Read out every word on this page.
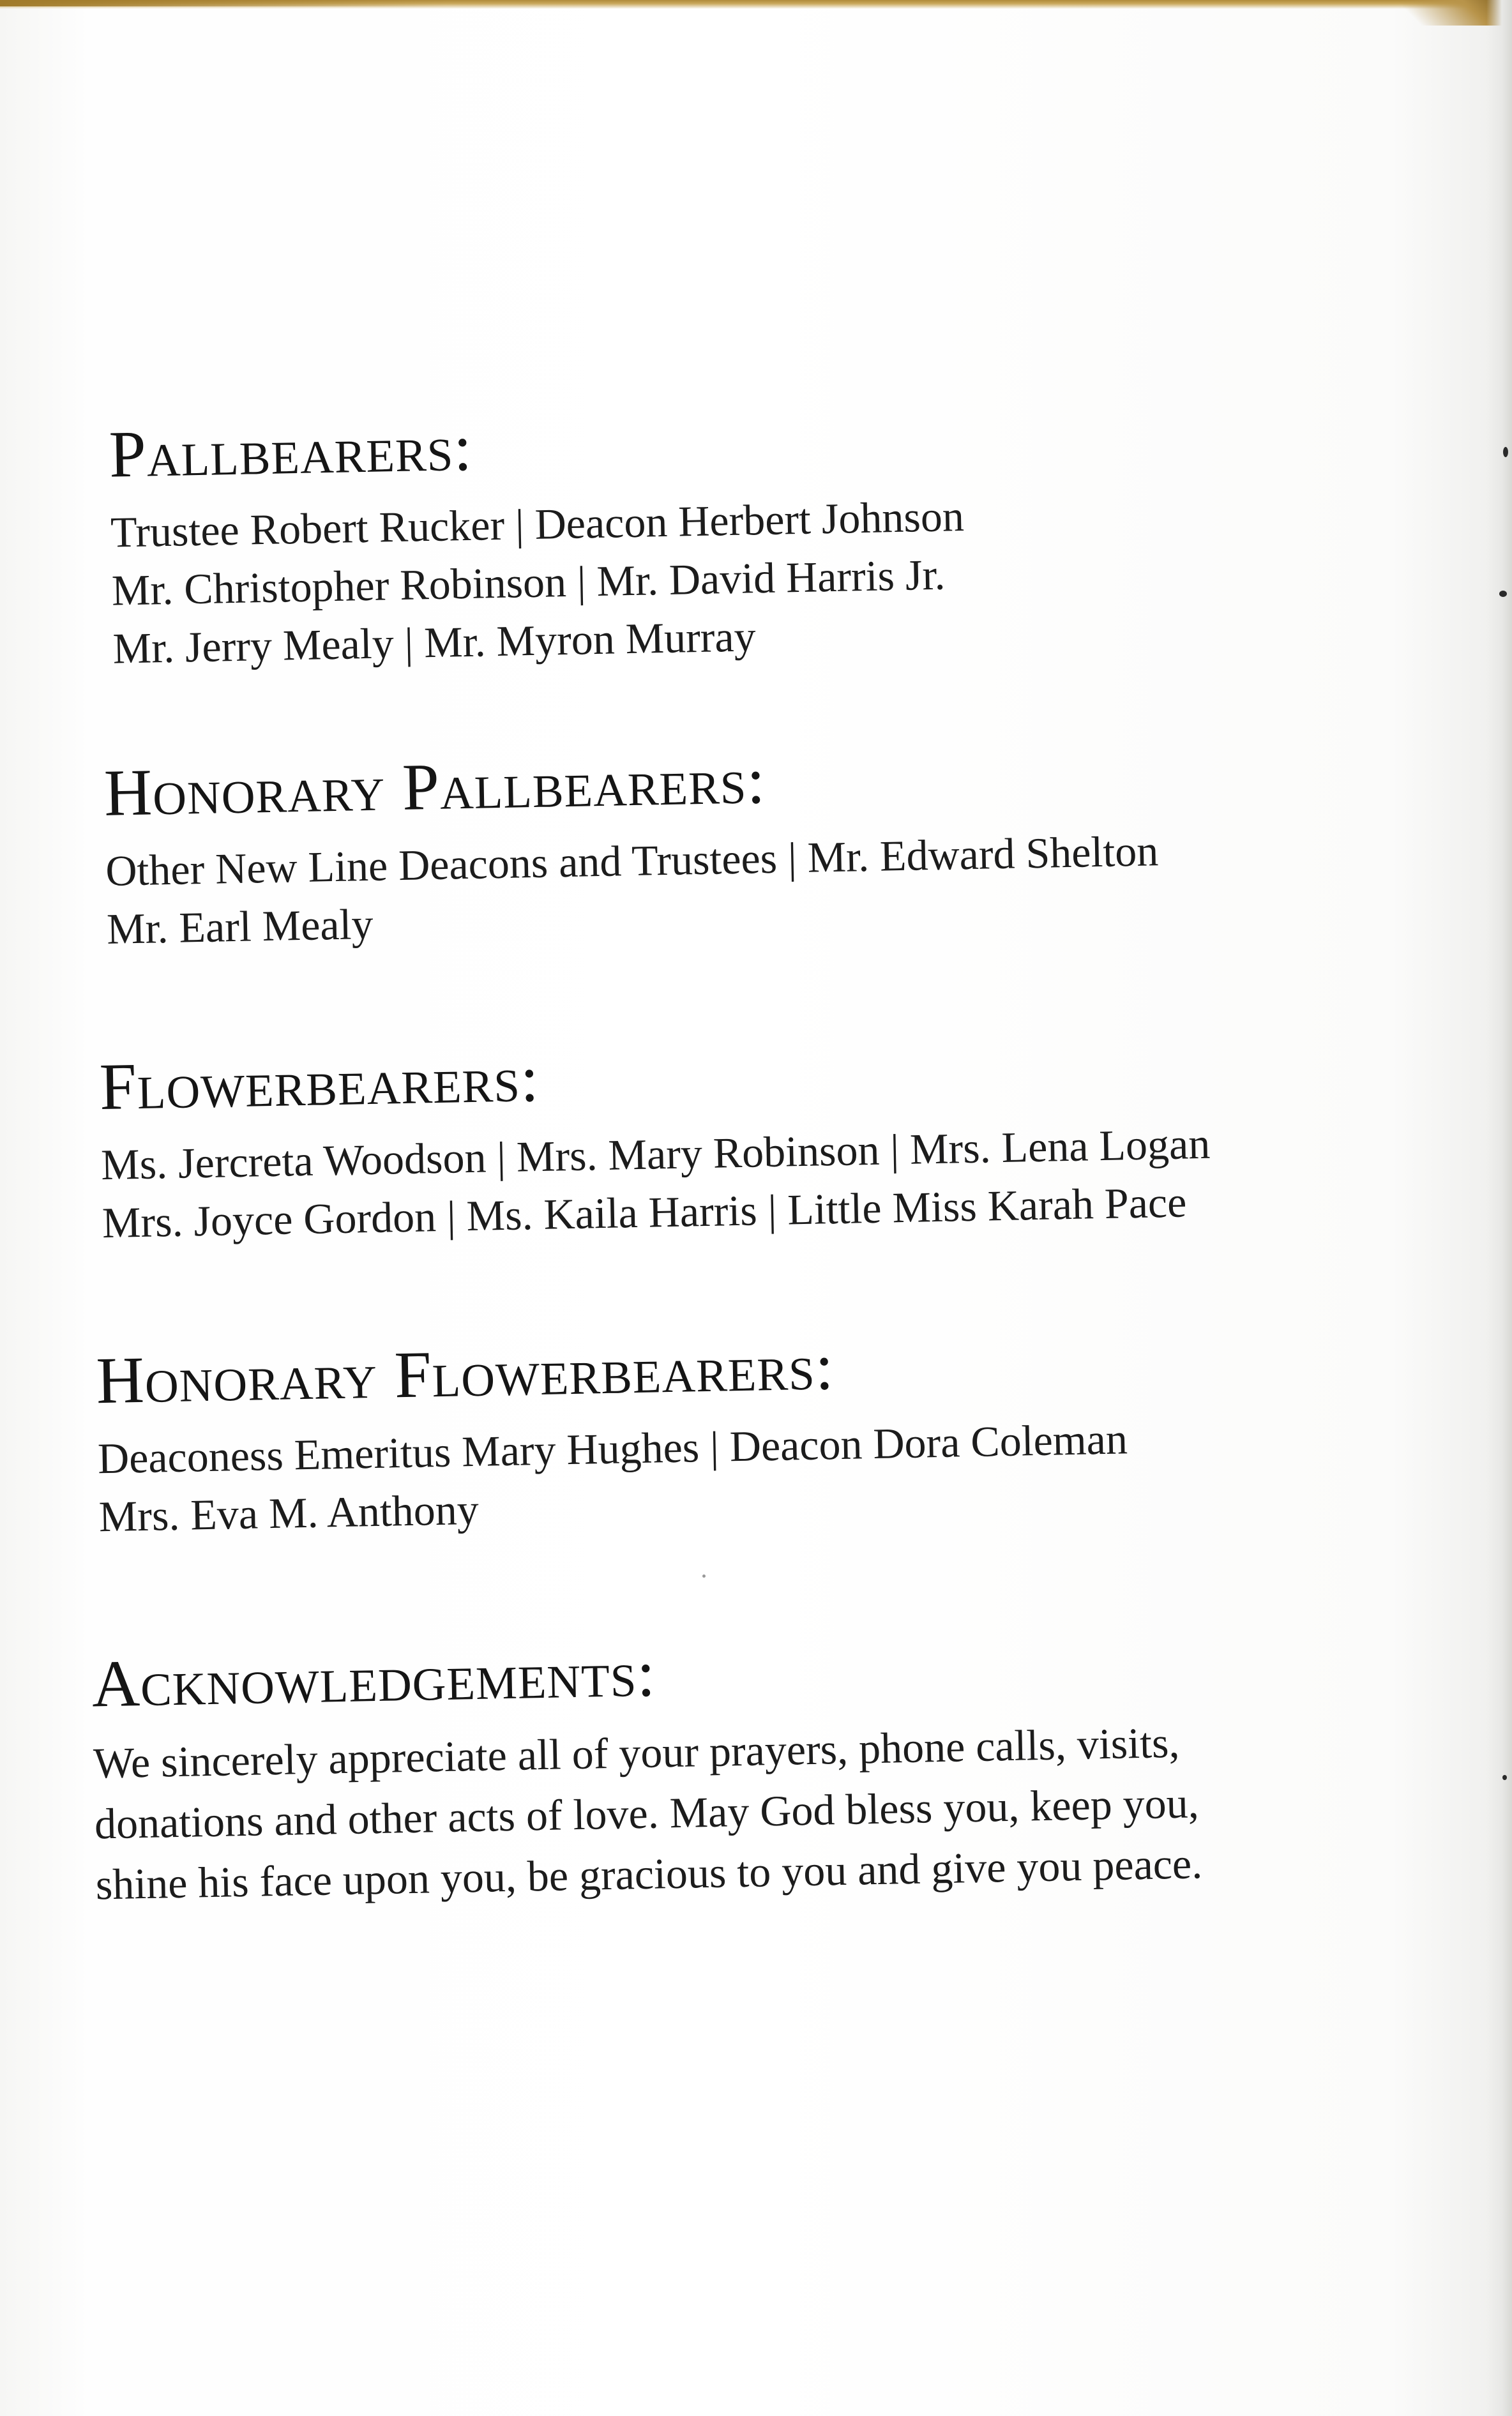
Pallbearers:

Trustee Robert Rucker | Deacon Herbert Johnson

Mr. Christopher Robinson | Mr. David Harris Jr.

Mr. Jerry Mealy | Mr. Myron Murray

Honorary Pallbearers:

Other New Line Deacons and Trustees | Mr. Edward Shelton

Mr. Earl Mealy

Flowerbearers:

Ms. Jercreta Woodson | Mrs. Mary Robinson | Mrs. Lena Logan

Mrs. Joyce Gordon | Ms. Kaila Harris | Little Miss Karah Pace

Honorary Flowerbearers:

Deaconess Emeritus Mary Hughes | Deacon Dora Coleman

Mrs. Eva M. Anthony

Acknowledgements:

We sincerely appreciate all of your prayers, phone calls, visits,

donations and other acts of love. May God bless you, keep you,

shine his face upon you, be gracious to you and give you peace.
